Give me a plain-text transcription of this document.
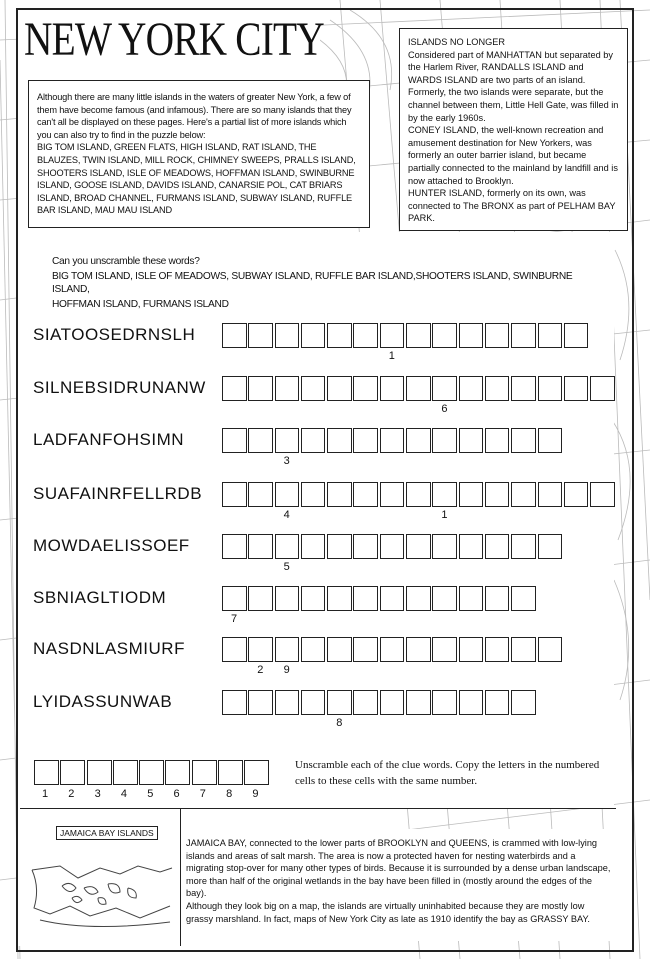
NEW YORK CITY

Although there are many little islands in the waters of greater New York, a few of them have become famous (and infamous). There are so many islands that they can't all be displayed on these pages. Here's a partial list of more islands which you can also try to find in the puzzle below:

BIG TOM ISLAND, GREEN FLATS, HIGH ISLAND, RAT ISLAND, THE BLAUZES, TWIN ISLAND, MILL ROCK, CHIMNEY SWEEPS, PRALLS ISLAND, SHOOTERS ISLAND, ISLE OF MEADOWS, HOFFMAN ISLAND, SWINBURNE ISLAND, GOOSE ISLAND, DAVIDS ISLAND, CANARSIE POL, CAT BRIARS ISLAND, BROAD CHANNEL, FURMANS ISLAND, SUBWAY ISLAND, RUFFLE BAR ISLAND, MAU MAU ISLAND

ISLANDS NO LONGER

Considered part of MANHATTAN but separated by the Harlem River, RANDALLS ISLAND and WARDS ISLAND are two parts of an island. Formerly, the two islands were separate, but the channel between them, Little Hell Gate, was filled in by the early 1960s.

CONEY ISLAND, the well-known recreation and amusement destination for New Yorkers, was formerly an outer barrier island, but became partially connected to the mainland by landfill and is now attached to Brooklyn.

HUNTER ISLAND, formerly on its own, was connected to The BRONX as part of PELHAM BAY PARK.

Can you unscramble these words?
BIG TOM ISLAND, ISLE OF MEADOWS, SUBWAY ISLAND, RUFFLE BAR ISLAND,SHOOTERS ISLAND, SWINBURNE ISLAND,
HOFFMAN ISLAND, FURMANS ISLAND
SIATOOSEDRNSLH
1
SILNEBSIDRUNANW
6
LADFANFOHSIMN
3
SUAFAINRFELLRDB
4	1
MOWDAELISSOEF
5
SBNIAGLTIODM
7
NASDNLASMIURF
2 9
LYIDASSUNWAB
8
1 2 3 4 5 6 7 8 9
Unscramble each of the clue words. Copy the letters in the numbered cells to these cells with the same number.
JAMAICA BAY ISLANDS

JAMAICA BAY, connected to the lower parts of BROOKLYN and QUEENS, is crammed with low-lying islands and areas of salt marsh. The area is now a protected haven for nesting waterbirds and a migrating stop-over for many other types of birds. Because it is surrounded by a dense urban landscape, more than half of the original wetlands in the bay have been filled in (mostly around the edges of the bay).

Although they look big on a map, the islands are virtually uninhabited because they are mostly low grassy marshland. In fact, maps of New York City as late as 1910 identify the bay as GRASSY BAY.
